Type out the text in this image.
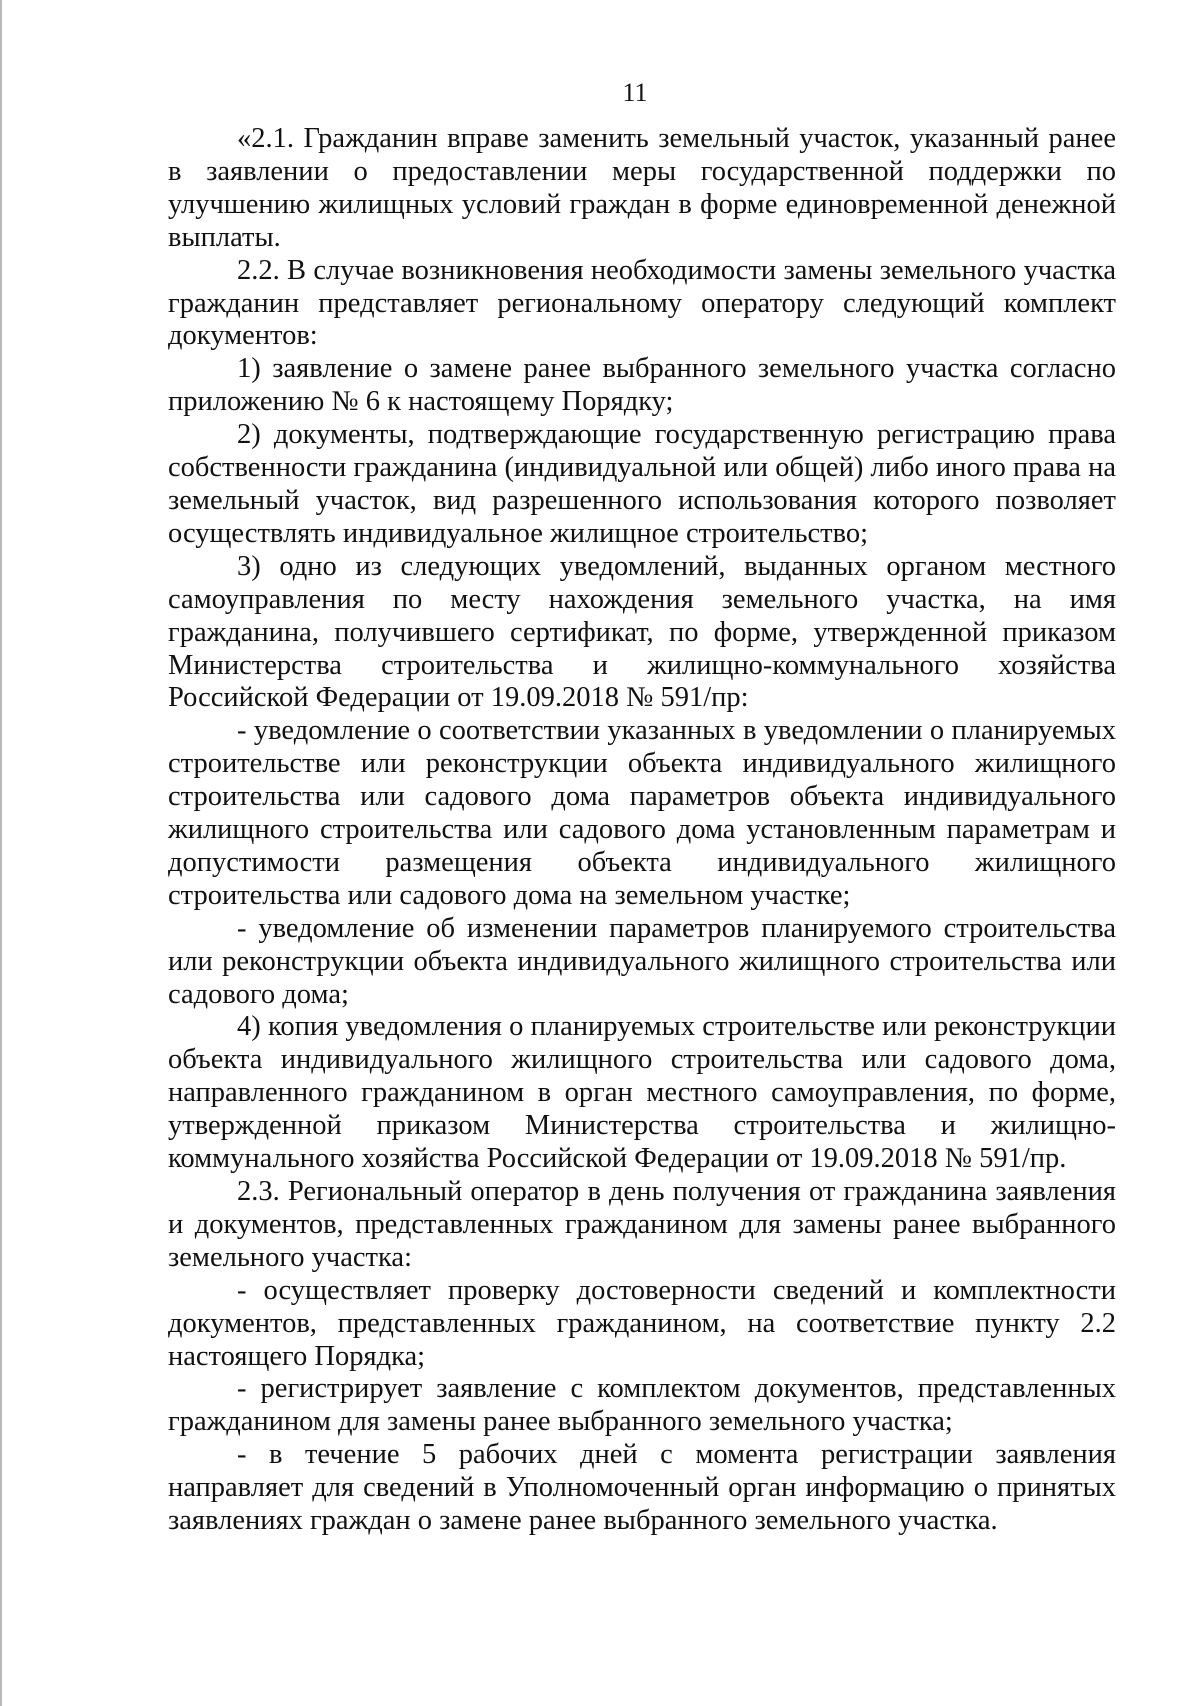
11

«2.1. Гражданин вправе заменить земельный участок, указанный ранее в заявлении о предоставлении меры государственной поддержки по улучшению жилищных условий граждан в форме единовременной денежной выплаты.

2.2. В случае возникновения необходимости замены земельного участка гражданин представляет региональному оператору следующий комплект документов:

1) заявление о замене ранее выбранного земельного участка согласно приложению № 6 к настоящему Порядку;

2) документы, подтверждающие государственную регистрацию права собственности гражданина (индивидуальной или общей) либо иного права на земельный участок, вид разрешенного использования которого позволяет осуществлять индивидуальное жилищное строительство;

3) одно из следующих уведомлений, выданных органом местного самоуправления по месту нахождения земельного участка, на имя гражданина, получившего сертификат, по форме, утвержденной приказом Министерства строительства и жилищно-коммунального хозяйства Российской Федерации от 19.09.2018 № 591/пр:

- уведомление о соответствии указанных в уведомлении о планируемых строительстве или реконструкции объекта индивидуального жилищного строительства или садового дома параметров объекта индивидуального жилищного строительства или садового дома установленным параметрам и допустимости размещения объекта индивидуального жилищного строительства или садового дома на земельном участке;

- уведомление об изменении параметров планируемого строительства или реконструкции объекта индивидуального жилищного строительства или садового дома;

4) копия уведомления о планируемых строительстве или реконструкции объекта индивидуального жилищного строительства или садового дома, направленного гражданином в орган местного самоуправления, по форме, утвержденной приказом Министерства строительства и жилищно-коммунального хозяйства Российской Федерации от 19.09.2018 № 591/пр.

2.3. Региональный оператор в день получения от гражданина заявления и документов, представленных гражданином для замены ранее выбранного земельного участка:

- осуществляет проверку достоверности сведений и комплектности документов, представленных гражданином, на соответствие пункту 2.2 настоящего Порядка;

- регистрирует заявление с комплектом документов, представленных гражданином для замены ранее выбранного земельного участка;

- в течение 5 рабочих дней с момента регистрации заявления направляет для сведений в Уполномоченный орган информацию о принятых заявлениях граждан о замене ранее выбранного земельного участка.
